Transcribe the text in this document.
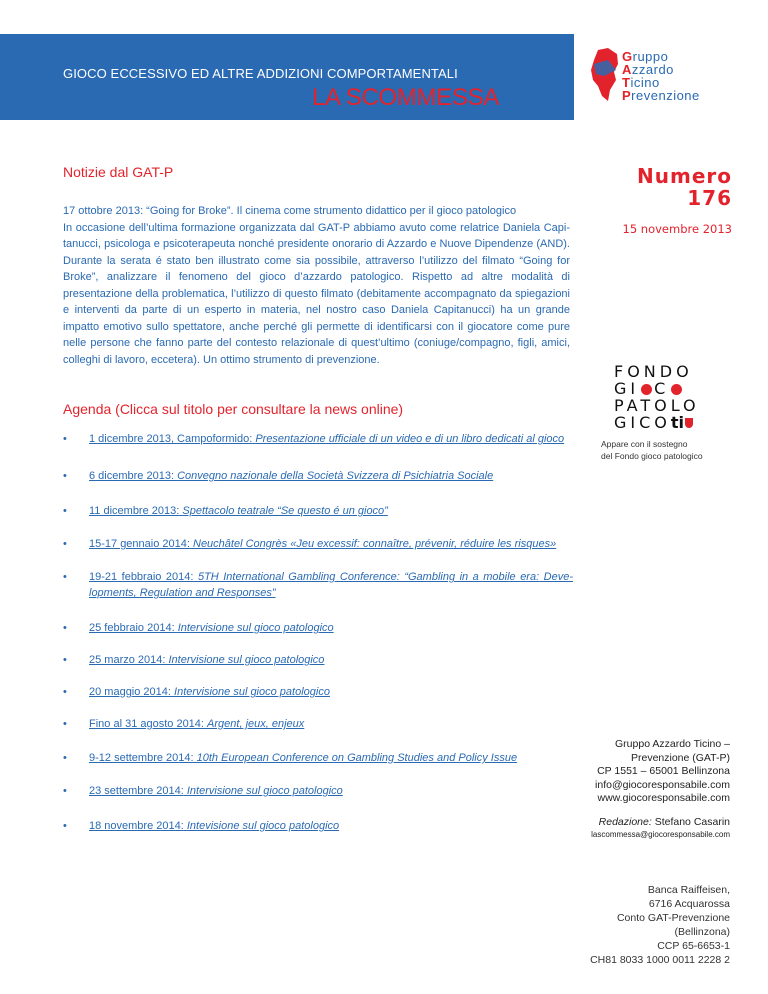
GIOCO ECCESSIVO ED ALTRE ADDIZIONI COMPORTAMENTALI
LA SCOMMESSA
Gruppo
Azzardo
Ticino
Prevenzione
Numero
176
15 novembre 2013
Notizie dal GAT-P
17 ottobre 2013: “Going for Broke”. Il cinema come strumento didattico per il gioco patologico
In occasione dell’ultima formazione organizzata dal GAT-P abbiamo avuto come relatrice Daniela Capi-tanucci, psicologa e psicoterapeuta nonché presidente onorario di Azzardo e Nuove Dipendenze (AND). Durante la serata é stato ben illustrato come sia possibile, attraverso l’utilizzo del filmato “Going for Broke”, analizzare il fenomeno del gioco d’azzardo patologico. Rispetto ad altre modalità di presentazione della problematica, l’utilizzo di questo filmato (debitamente accompagnato da spiegazioni e interventi da parte di un esperto in materia, nel nostro caso Daniela Capitanucci) ha un grande impatto emotivo sullo spettatore, anche perché gli permette di identificarsi con il giocatore come pure nelle persone che fanno parte del contesto relazionale di quest’ultimo (coniuge/compagno, figli, amici, colleghi di lavoro, eccetera). Un ottimo strumento di prevenzione.
Agenda (Clicca sul titolo per consultare la news online)
• 1 dicembre 2013, Campoformido: Presentazione ufficiale di un video e di un libro dedicati al gioco
• 6 dicembre 2013: Convegno nazionale della Società Svizzera di Psichiatria Sociale
• 11 dicembre 2013: Spettacolo teatrale “Se questo é un gioco”
• 15-17 gennaio 2014: Neuchâtel Congrès «Jeu excessif: connaître, prévenir, réduire les risques»
• 19-21 febbraio 2014: 5TH International Gambling Conference: “Gambling in a mobile era: Deve-lopments, Regulation and Responses”
• 25 febbraio 2014: Intervisione sul gioco patologico
• 25 marzo 2014: Intervisione sul gioco patologico
• 20 maggio 2014: Intervisione sul gioco patologico
• Fino al 31 agosto 2014: Argent, jeux, enjeux
• 9-12 settembre 2014: 10th European Conference on Gambling Studies and Policy Issue
• 23 settembre 2014: Intervisione sul gioco patologico
• 18 novembre 2014: Intevisione sul gioco patologico
FONDO
GI C
PATOLO
GICOti
Appare con il sostegno
del Fondo gioco patologico
Gruppo Azzardo Ticino –
Prevenzione (GAT-P)
CP 1551 – 65001 Bellinzona
info@giocoresponsabile.com
www.giocoresponsabile.com
Redazione: Stefano Casarin
lascommessa@giocoresponsabile.com
Banca Raiffeisen,
6716 Acquarossa
Conto GAT-Prevenzione
(Bellinzona)
CCP 65-6653-1
CH81 8033 1000 0011 2228 2
